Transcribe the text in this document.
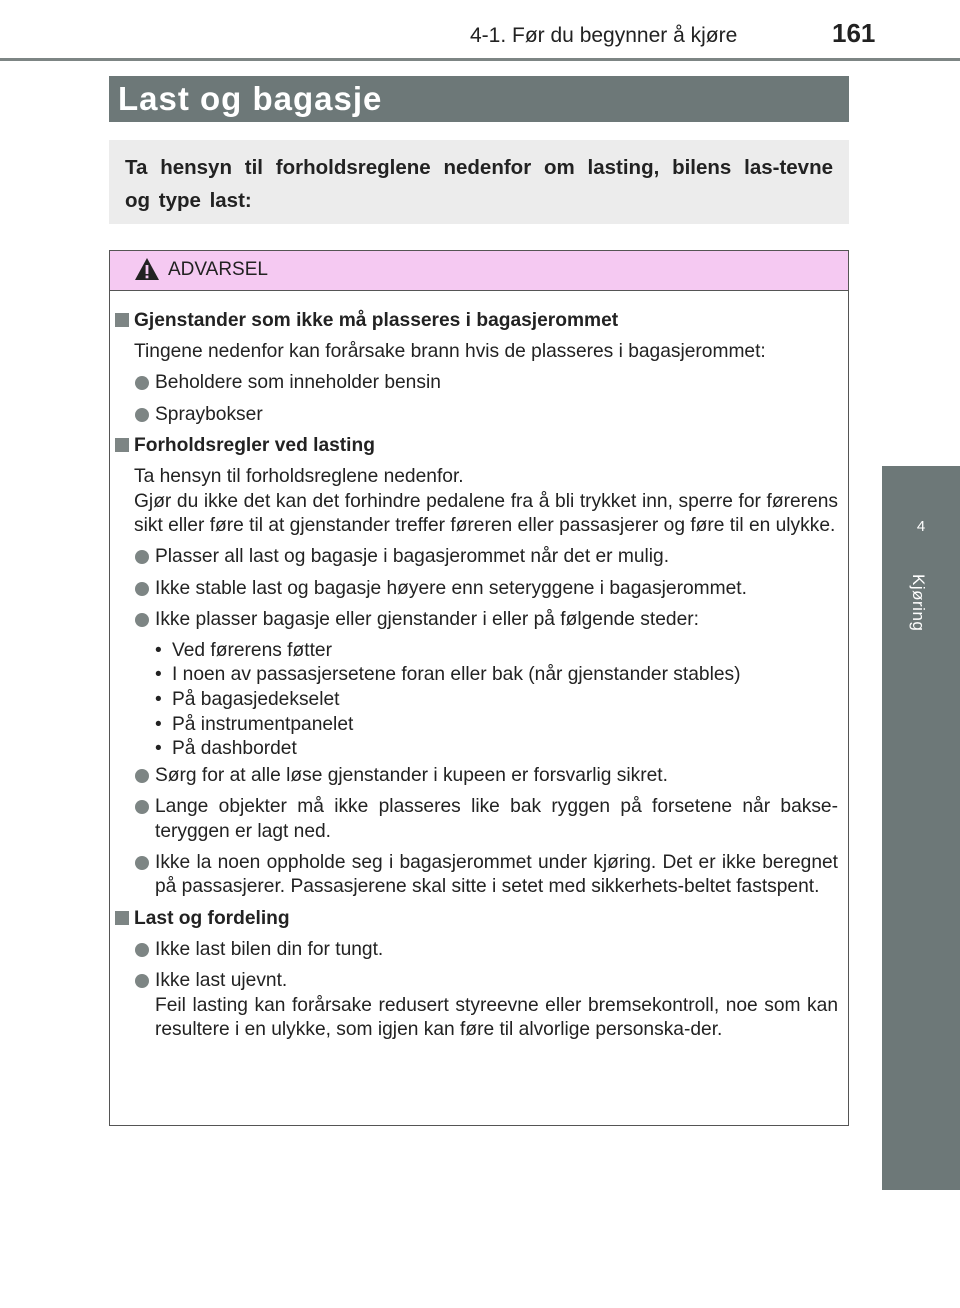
4-1. Før du begynner å kjøre	161
4
Kjøring
Last og bagasje
Ta hensyn til forholdsreglene nedenfor om lasting, bilens las-tevne og type last:
ADVARSEL
Gjenstander som ikke må plasseres i bagasjerommet
Tingene nedenfor kan forårsake brann hvis de plasseres i bagasjerommet:
Beholdere som inneholder bensin
Spraybokser
Forholdsregler ved lasting
Ta hensyn til forholdsreglene nedenfor.
Gjør du ikke det kan det forhindre pedalene fra å bli trykket inn, sperre for førerens sikt eller føre til at gjenstander treffer føreren eller passasjerer og føre til en ulykke.
Plasser all last og bagasje i bagasjerommet når det er mulig.
Ikke stable last og bagasje høyere enn seteryggene i bagasjerommet.
Ikke plasser bagasje eller gjenstander i eller på følgende steder:
• Ved førerens føtter
• I noen av passasjersetene foran eller bak (når gjenstander stables)
• På bagasjedekselet
• På instrumentpanelet
• På dashbordet
Sørg for at alle løse gjenstander i kupeen er forsvarlig sikret.
Lange objekter må ikke plasseres like bak ryggen på forsetene når bakse-teryggen er lagt ned.
Ikke la noen oppholde seg i bagasjerommet under kjøring. Det er ikke beregnet på passasjerer. Passasjerene skal sitte i setet med sikkerhets-beltet fastspent.
Last og fordeling
Ikke last bilen din for tungt.
Ikke last ujevnt.
Feil lasting kan forårsake redusert styreevne eller bremsekontroll, noe som kan resultere i en ulykke, som igjen kan føre til alvorlige personska-der.
